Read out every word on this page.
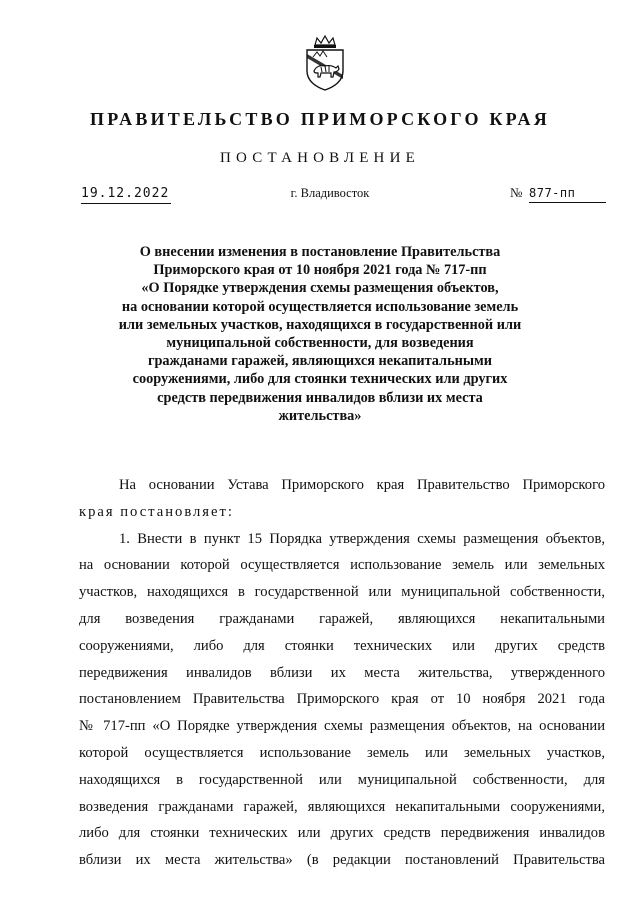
ПРАВИТЕЛЬСТВО ПРИМОРСКОГО КРАЯ
ПОСТАНОВЛЕНИЕ
19.12.2022	г. Владивосток	№ 877-пп
О внесении изменения в постановление Правительства
Приморского края от 10 ноября 2021 года № 717-пп
«О Порядке утверждения схемы размещения объектов,
на основании которой осуществляется использование земель
или земельных участков, находящихся в государственной или
муниципальной собственности, для возведения
гражданами гаражей, являющихся некапитальными
сооружениями, либо для стоянки технических или других
средств передвижения инвалидов вблизи их места
жительства»
На основании Устава Приморского края Правительство Приморского
края постановляет:
1. Внести в пункт 15 Порядка утверждения схемы размещения объектов,
на основании которой осуществляется использование земель или земельных
участков, находящихся в государственной или муниципальной собственности,
для возведения гражданами гаражей, являющихся некапитальными
сооружениями, либо для стоянки технических или других средств
передвижения инвалидов вблизи их места жительства, утвержденного
постановлением Правительства Приморского края от 10 ноября 2021 года
№ 717-пп «О Порядке утверждения схемы размещения объектов, на основании
которой осуществляется использование земель или земельных участков,
находящихся в государственной или муниципальной собственности, для
возведения гражданами гаражей, являющихся некапитальными сооружениями,
либо для стоянки технических или других средств передвижения инвалидов
вблизи их места жительства» (в редакции постановлений Правительства
